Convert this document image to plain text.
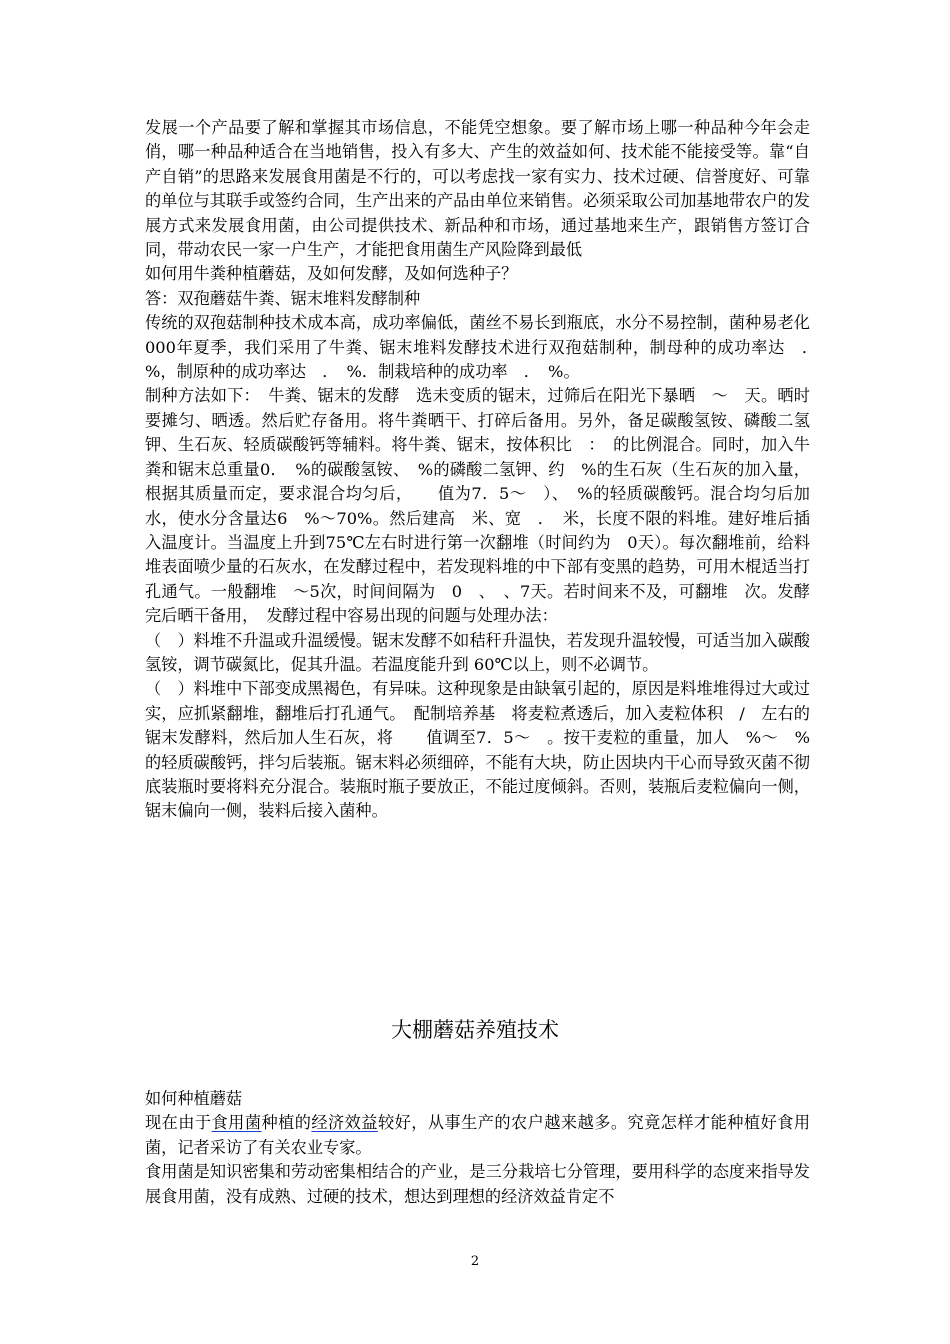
发展一个产品要了解和掌握其市场信息，不能凭空想象。要了解市场上哪一种品种今年会走俏，哪一种品种适合在当地销售，投入有多大、产生的效益如何、技术能不能接受等。靠“自产自销”的思路来发展食用菌是不行的，可以考虑找一家有实力、技术过硬、信誉度好、可靠的单位与其联手或签约合同，生产出来的产品由单位来销售。必须采取公司加基地带农户的发展方式来发展食用菌，由公司提供技术、新品种和市场，通过基地来生产，跟销售方签订合同，带动农民一家一户生产，才能把食用菌生产风险降到最低

如何用牛粪种植蘑菇，及如何发酵，及如何选种子？

答：双孢蘑菇牛粪、锯末堆料发酵制种

传统的双孢菇制种技术成本高，成功率偏低，菌丝不易长到瓶底，水分不易控制，菌种易老化　000年夏季，我们采用了牛粪、锯末堆料发酵技术进行双孢菇制种，制母种的成功率达　．　%，制原种的成功率达　．　%．制栽培种的成功率　．　%。

制种方法如下：　牛粪、锯末的发酵　选未变质的锯末，过筛后在阳光下暴晒　～　天。晒时要摊匀、晒透。然后贮存备用。将牛粪晒干、打碎后备用。另外，备足碳酸氢铵、磷酸二氢钾、生石灰、轻质碳酸钙等辅料。将牛粪、锯末，按体积比　：　的比例混合。同时，加入牛粪和锯末总重量0．　%的碳酸氢铵、　%的磷酸二氢钾、约　%的生石灰（生石灰的加入量，根据其质量而定，要求混合均匀后，　　值为7．5～　）、　%的轻质碳酸钙。混合均匀后加水，使水分含量达6　%～70%。然后建高　米、宽　．　米，长度不限的料堆。建好堆后插入温度计。当温度上升到75℃左右时进行第一次翻堆（时间约为　0天）。每次翻堆前，给料堆表面喷少量的石灰水，在发酵过程中，若发现料堆的中下部有变黑的趋势，可用木棍适当打孔通气。一般翻堆　～5次，时间间隔为　0　、　、7天。若时间来不及，可翻堆　次。发酵完后晒干备用，　发酵过程中容易出现的问题与处理办法：

（　）料堆不升温或升温缓慢。锯末发酵不如秸秆升温快，若发现升温较慢，可适当加入碳酸氢铵，调节碳氮比，促其升温。若温度能升到 60℃以上，则不必调节。

（　）料堆中下部变成黑褐色，有异味。这种现象是由缺氧引起的，原因是料堆堆得过大或过实，应抓紧翻堆，翻堆后打孔通气。　配制培养基　将麦粒煮透后，加入麦粒体积　/　左右的锯末发酵料，然后加人生石灰，将　　值调至7．5～　。按干麦粒的重量，加人　%～　%的轻质碳酸钙，拌匀后装瓶。锯末料必须细碎，不能有大块，防止因块内干心而导致灭菌不彻底装瓶时要将料充分混合。装瓶时瓶子要放正，不能过度倾斜。否则，装瓶后麦粒偏向一侧，锯末偏向一侧，装料后接入菌种。

大棚蘑菇养殖技术

如何种植蘑菇

现在由于食用菌种植的经济效益较好，从事生产的农户越来越多。究竟怎样才能种植好食用菌，记者采访了有关农业专家。

食用菌是知识密集和劳动密集相结合的产业，是三分栽培七分管理，要用科学的态度来指导发展食用菌，没有成熟、过硬的技术，想达到理想的经济效益肯定不

2
